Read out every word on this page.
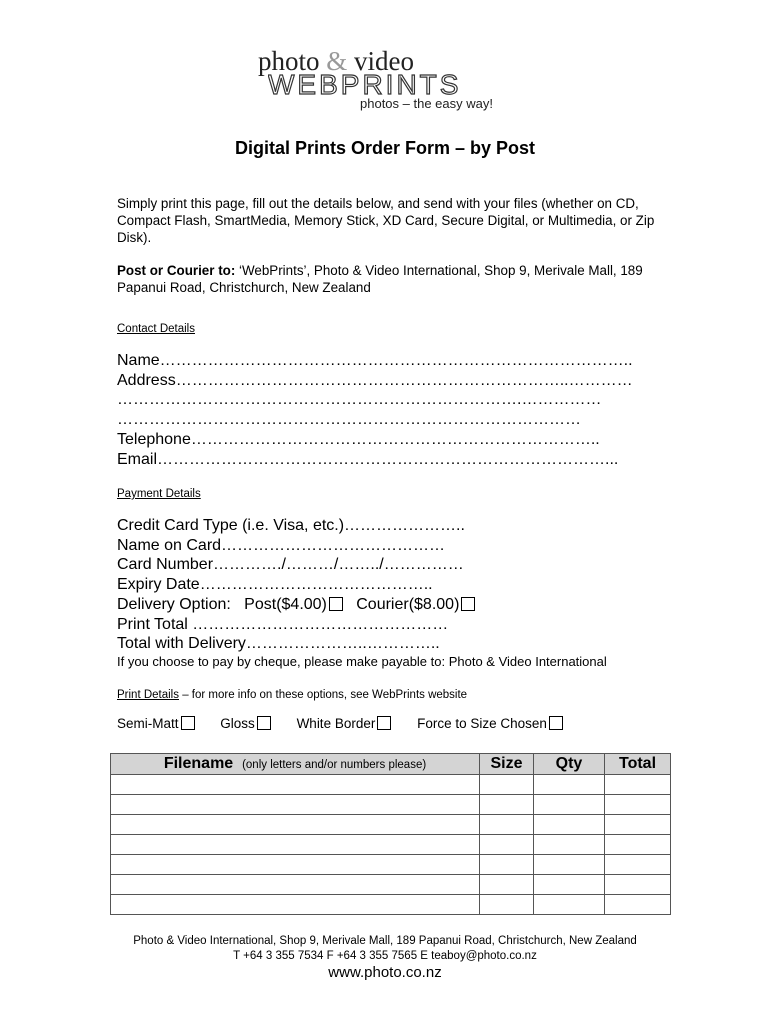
photo & video
WEBPRINTS
photos – the easy way!
Digital Prints Order Form – by Post
Simply print this page, fill out the details below, and send with your files (whether on CD, Compact Flash, SmartMedia, Memory Stick, XD Card, Secure Digital, or Multimedia, or Zip Disk).
Post or Courier to: ‘WebPrints’, Photo & Video International, Shop 9, Merivale Mall, 189 Papanui Road, Christchurch, New Zealand
Contact Details
Name……………………………………………………………………………..
Address………………………………………………………………..…………
………………………………………………………………….……………
……………………………………………………………………………
Telephone…………………………………………………………………..
Email…………………………………………………………………………...
Payment Details
Credit Card Type (i.e. Visa, etc.)…………………..
Name on Card……………………………………
Card Number…………./………/……../……………
Expiry Date……………………………………..
Delivery Option: Post($4.00) Courier($8.00)
Print Total …………………………………………
Total with Delivery…………………..…………..
If you choose to pay by cheque, please make payable to: Photo & Video International
Print Details – for more info on these options, see WebPrints website
Semi-Matt	Gloss	White Border	Force to Size Chosen
Filename (only letters and/or numbers please)	Size	Qty	Total

Photo & Video International, Shop 9, Merivale Mall, 189 Papanui Road, Christchurch, New Zealand
T +64 3 355 7534 F +64 3 355 7565 E teaboy@photo.co.nz
www.photo.co.nz
